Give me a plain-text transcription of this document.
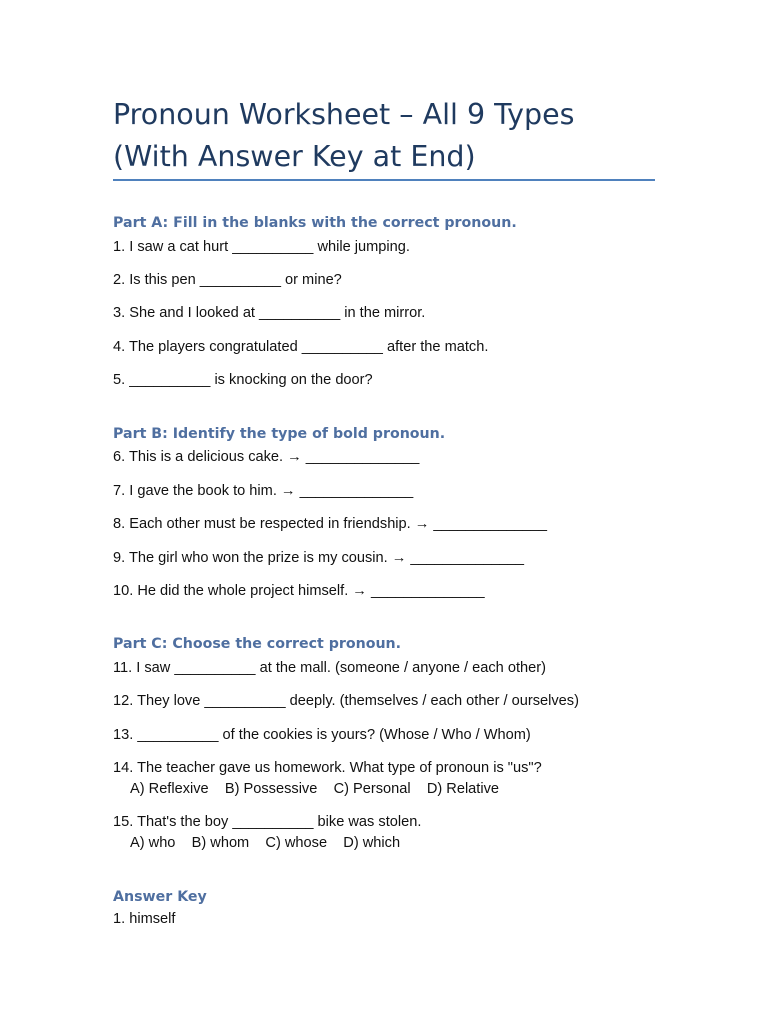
Pronoun Worksheet – All 9 Types (With Answer Key at End)
Part A: Fill in the blanks with the correct pronoun.

1. I saw a cat hurt __________ while jumping.

2. Is this pen __________ or mine?

3. She and I looked at __________ in the mirror.

4. The players congratulated __________ after the match.

5. __________ is knocking on the door?

Part B: Identify the type of bold pronoun.

6. This is a delicious cake. → ______________

7. I gave the book to him. → ______________

8. Each other must be respected in friendship. → ______________

9. The girl who won the prize is my cousin. → ______________

10. He did the whole project himself. → ______________

Part C: Choose the correct pronoun.

11. I saw __________ at the mall. (someone / anyone / each other)

12. They love __________ deeply. (themselves / each other / ourselves)

13. __________ of the cookies is yours? (Whose / Who / Whom)

14. The teacher gave us homework. What type of pronoun is "us"?

A) Reflexive    B) Possessive    C) Personal    D) Relative

15. That's the boy __________ bike was stolen.

A) who    B) whom    C) whose    D) which

Answer Key

1. himself
